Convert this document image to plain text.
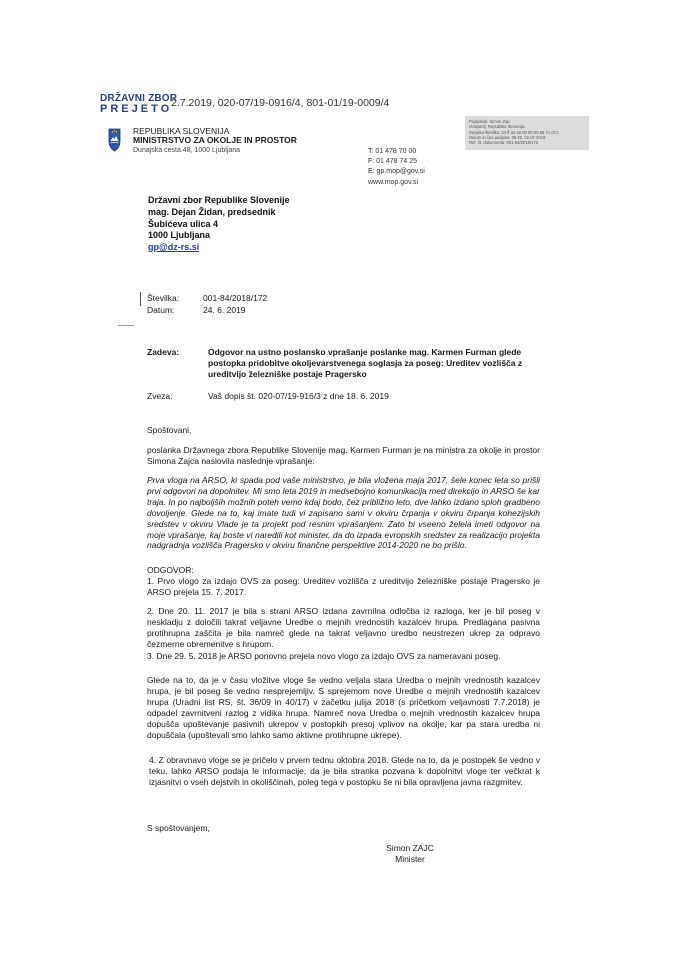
DRŽAVNI ZBOR
PREJETO
2.7.2019, 020-07/19-0916/4, 801-01/19-0009/4
REPUBLIKA SLOVENIJA
MINISTRSTVO ZA OKOLJE IN PROSTOR
Dunajska cesta 48, 1000 Ljubljana	T: 01 478 70 00
F: 01 478 74 25
E: gp.mop@gov.si
www.mop.gov.si
Podpisnik: Simon Zajc
Izdajatelj: Republika Slovenija
Serijska številka: 24 ff a4 a0 00 00 00 56 7c c0 c
Datum in čas podpisa: 09.30, 02.07.2019
Ref. št. dokumenta: 001-84/2018/172
Državni zbor Republike Slovenije
mag. Dejan Židan, predsednik
Šubićeva ulica 4
1000 Ljubljana
gp@dz-rs.si
Številka:	001-84/2018/172
Datum:	24. 6. 2019
Zadeva:	Odgovor na ustno poslansko vprašanje poslanke mag. Karmen Furman glede postopka pridobitve okoljevarstvenega soglasja za poseg: Ureditev vozlišča z ureditvijo železniške postaje Pragersko
Zveza:	Vaš dopis št. 020-07/19-916/3 z dne 18. 6. 2019
Spoštovani,
poslanka Državnega zbora Republike Slovenije mag. Karmen Furman je na ministra za okolje in prostor Simona Zajca naslovila naslednje vprašanje:
Prva vloga na ARSO, ki spada pod vaše ministrstvo, je bila vložena maja 2017, šele konec leta so prišli prvi odgovori na dopolnitev. Mi smo leta 2019 in medsebojno komunikacija med direkcijo in ARSO še kar traja. In po najboljših možnih poteh vemo kdaj bodo, čez približno leto, dve lahko izdano sploh gradbeno dovoljenje. Glede na to, kaj imate tudi vi zapisano sami v okviru črpanja v okviru črpanja kohezijskih sredstev v okviru Vlade je ta projekt pod resnim vprašanjem. Zato bi vseeno želela imeti odgovor na moje vprašanje, kaj boste vi naredili kot minister, da do izpada evropskih sredstev za realizacijo projekta nadgradnja vozlišča Pragersko v okviru finančne perspektive 2014-2020 ne bo prišlo.
ODGOVOR:
1. Prvo vlogo za izdajo OVS za poseg: Ureditev vozlišča z ureditvijo železniške postaje Pragersko je ARSO prejela 15. 7. 2017.
2. Dne 20. 11. 2017 je bila s strani ARSO izdana zavrnilna odločba iz razloga, ker je bil poseg v neskladju z določili takrat veljavne Uredbe o mejnih vrednostih kazalcev hrupa. Predlagana pasivna protihrupna zaščita je bila namreč glede na takrat veljavno uredbo neustrezen ukrep za odpravo čezmerne obremenitve s hrupom.
3. Dne 29. 5. 2018 je ARSO ponovno prejela novo vlogo za izdajo OVS za nameravani poseg.
Glede na to, da je v času vložitve vloge še vedno veljala stara Uredba o mejnih vrednostih kazalcev hrupa, je bil poseg še vedno nesprejemljiv. S sprejemom nove Uredbe o mejnih vrednostih kazalcev hrupa (Uradni list RS, št. 36/09 in 40/17) v začetku julija 2018 (s pričetkom veljavnosti 7.7.2018) je odpadel zavrnitveni razlog z vidika hrupa. Namreč nova Uredba o mejnih vrednostih kazalcev hrupa dopušča upoštevanje pasivnih ukrepov v postopkih presoj vplivov na okolje, kar pa stara uredba ni dopuščala (upoštevali smo lahko samo aktivne protihrupne ukrepe).
4. Z obravnavo vloge se je pričelo v prvem tednu oktobra 2018. Glede na to, da je postopek še vedno v teku, lahko ARSO podaja le informacije, da je bila stranka pozvana k dopolnitvi vloge ter večkrat k izjasnitvi o vseh dejstvih in okoliščinah, poleg tega v postopku še ni bila opravljena javna razgrnitev.
S spoštovanjem,
Simon ZAJC
Minister
